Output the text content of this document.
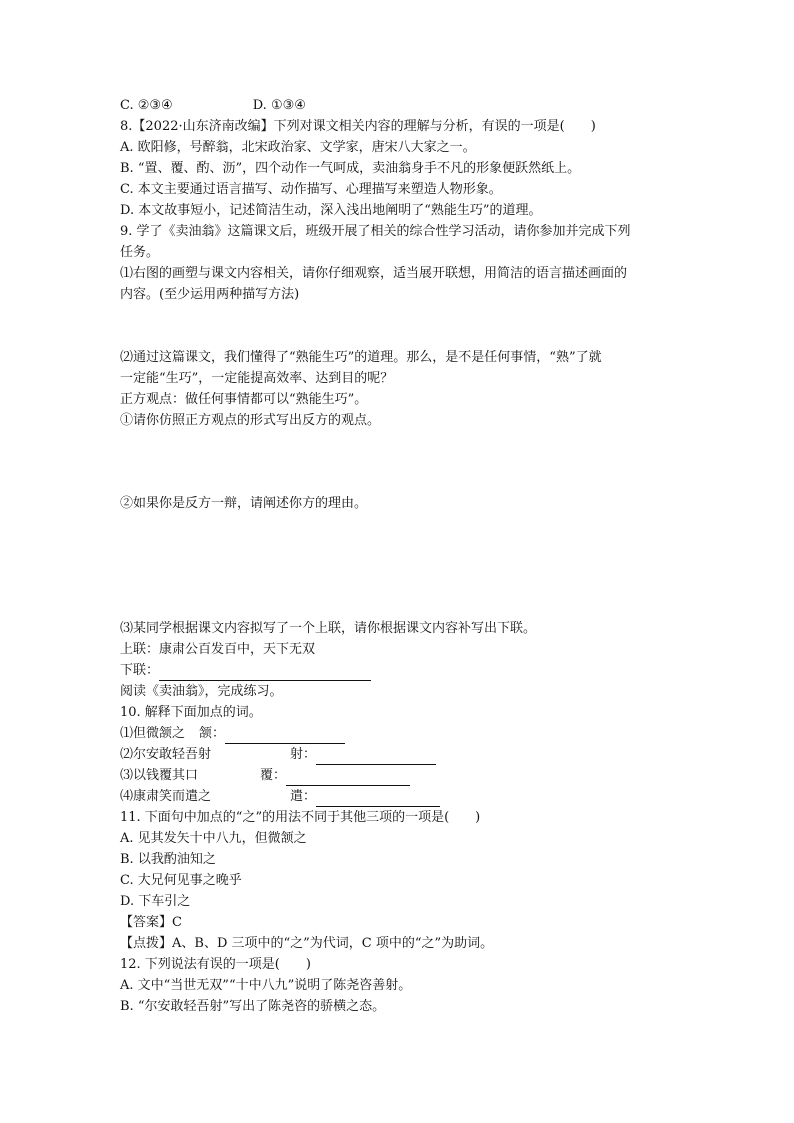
C. ②③④	D. ①③④
8.【2022·山东济南改编】下列对课文相关内容的理解与分析，有误的一项是(　　)
A. 欧阳修，号醉翁，北宋政治家、文学家，唐宋八大家之一。
B. “置、覆、酌、沥”，四个动作一气呵成，卖油翁身手不凡的形象便跃然纸上。
C. 本文主要通过语言描写、动作描写、心理描写来塑造人物形象。
D. 本文故事短小，记述简洁生动，深入浅出地阐明了“熟能生巧”的道理。
9. 学了《卖油翁》这篇课文后，班级开展了相关的综合性学习活动，请你参加并完成下列
任务。
⑴右图的画塑与课文内容相关，请你仔细观察，适当展开联想，用简洁的语言描述画面的
内容。(至少运用两种描写方法)
⑵通过这篇课文，我们懂得了“熟能生巧”的道理。那么，是不是任何事情，“熟”了就
一定能“生巧”，一定能提高效率、达到目的呢？
正方观点：做任何事情都可以“熟能生巧”。
①请你仿照正方观点的形式写出反方的观点。
②如果你是反方一辩，请阐述你方的理由。
⑶某同学根据课文内容拟写了一个上联，请你根据课文内容补写出下联。
上联：康肃公百发百中，天下无双
下联：
阅读《卖油翁》，完成练习。
10. 解释下面加点的词。
⑴但微颔之 颔：
⑵尔安敢轻吾射	射：
⑶以钱覆其口	覆：
⑷康肃笑而遣之	遣：
11. 下面句中加点的“之”的用法不同于其他三项的一项是(　　)
A. 见其发矢十中八九，但微颔之
B. 以我酌油知之
C. 大兄何见事之晚乎
D. 下车引之
【答案】C
【点拨】A、B、D 三项中的“之”为代词，C 项中的“之”为助词。
12. 下列说法有误的一项是(　　)
A. 文中“当世无双”“十中八九”说明了陈尧咨善射。
B. “尔安敢轻吾射”写出了陈尧咨的骄横之态。
